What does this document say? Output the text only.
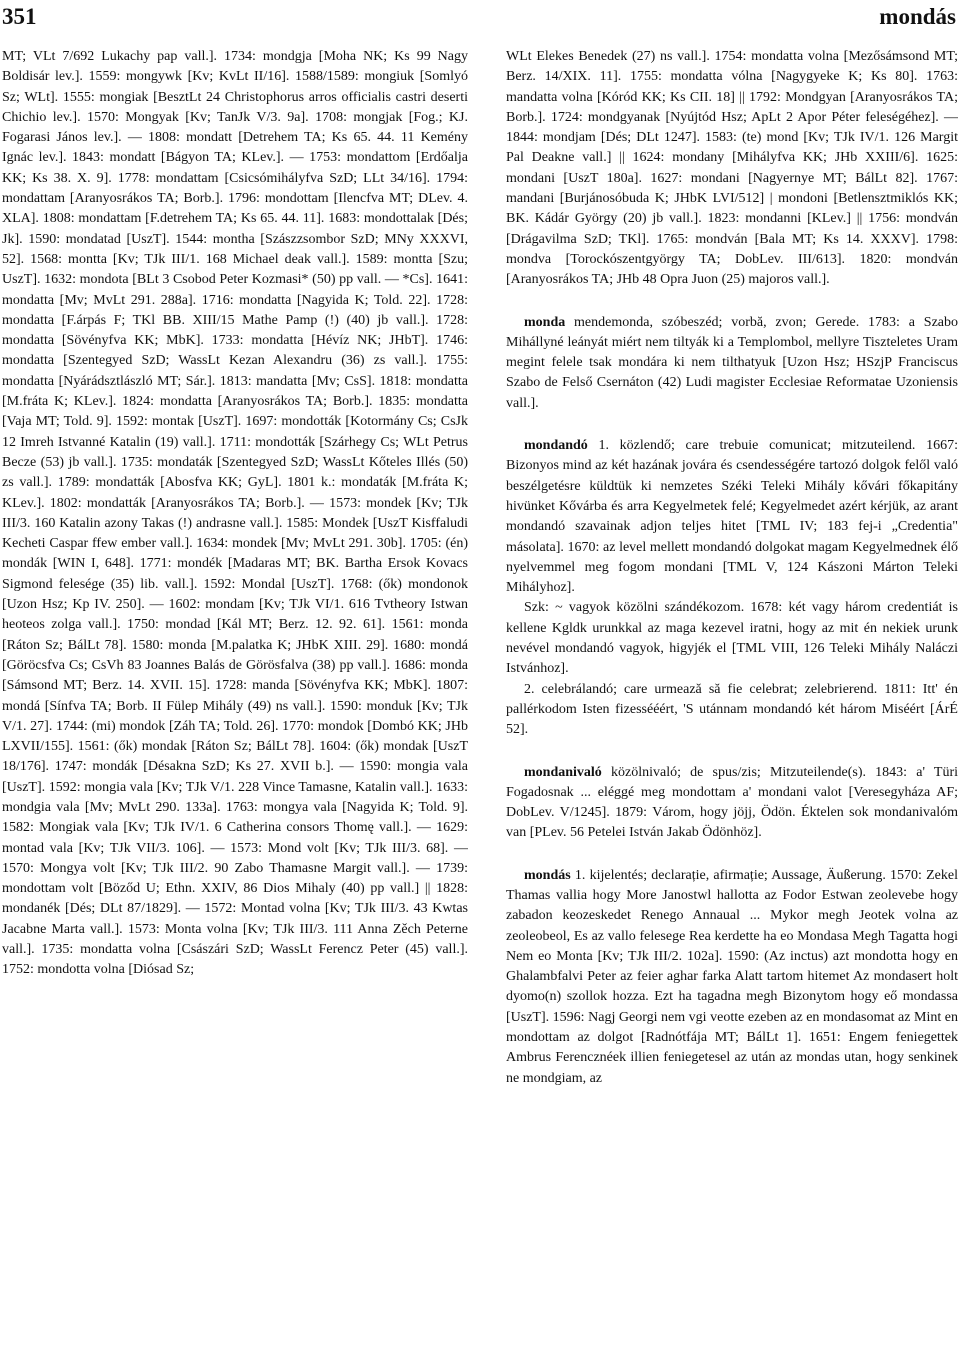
351	mondás

MT; VLt 7/692 Lukachy pap vall.]. 1734: mondgja [Moha NK; Ks 99 Nagy Boldisár lev.]. 1559: mongywk [Kv; KvLt II/16]. 1588/1589: mongiuk [Somlyó Sz; WLt]. 1555: mongiak [BesztLt 24 Christophorus arros officialis castri deserti Chichio lev.]. 1570: Mongyak [Kv; TanJk V/3. 9a]. 1708: mongjak [Fog.; KJ. Fogarasi János lev.]. — 1808: mondatt [Detrehem TA; Ks 65. 44. 11 Kemény Ignác lev.]. 1843: mondatt [Bágyon TA; KLev.]. — 1753: mondattom [Erdőalja KK; Ks 38. X. 9]. 1778: mondattam [Csicsómihályfva SzD; LLt 34/16]. 1794: mondattam [Aranyosrákos TA; Borb.]. 1796: mondottam [Ilencfva MT; DLev. 4. XLA]. 1808: mondattam [F.detrehem TA; Ks 65. 44. 11]. 1683: mondottalak [Dés; Jk]. 1590: mondatad [UszT]. 1544: montha [Szászzsombor SzD; MNy XXXVI, 52]. 1568: montta [Kv; TJk III/1. 168 Michael deak vall.]. 1589: montta [Szu; UszT]. 1632: mondota [BLt 3 Csobod Peter Kozmasi* (50) pp vall. — *Cs]. 1641: mondatta [Mv; MvLt 291. 288a]. 1716: mondatta [Nagyida K; Told. 22]. 1728: mondatta [F.árpás F; TKl BB. XIII/15 Mathe Pamp (!) (40) jb vall.]. 1728: mondatta [Sövényfva KK; MbK]. 1733: mondatta [Hévíz NK; JHbT]. 1746: mondatta [Szentegyed SzD; WassLt Kezan Alexandru (36) zs vall.]. 1755: mondatta [Nyárádsztlászló MT; Sár.]. 1813: mandatta [Mv; CsS]. 1818: mondatta [M.fráta K; KLev.]. 1824: mondatta [Aranyosrákos TA; Borb.]. 1835: mondatta [Vaja MT; Told. 9]. 1592: montak [UszT]. 1697: mondották [Kotormány Cs; CsJk 12 Imreh Istvanné Katalin (19) vall.]. 1711: mondották [Szárhegy Cs; WLt Petrus Becze (53) jb vall.]. 1735: mondaták [Szentegyed SzD; WassLt Kőteles Illés (50) zs vall.]. 1789: mondatták [Abosfva KK; GyL]. 1801 k.: mondaták [M.fráta K; KLev.]. 1802: mondatták [Aranyosrákos TA; Borb.]. — 1573: mondek [Kv; TJk III/3. 160 Katalin azony Takas (!) andrasne vall.]. 1585: Mondek [UszT Kisffaludi Kecheti Caspar ffew ember vall.]. 1634: mondek [Mv; MvLt 291. 30b]. 1705: (én) mondák [WIN I, 648]. 1771: mondék [Madaras MT; BK. Bartha Ersok Kovacs Sigmond felesége (35) lib. vall.]. 1592: Mondal [UszT]. 1768: (ők) mondonok [Uzon Hsz; Kp IV. 250]. — 1602: mondam [Kv; TJk VI/1. 616 Tvtheory Istwan heoteos zolga vall.]. 1750: mondad [Kál MT; Berz. 12. 92. 61]. 1561: monda [Ráton Sz; BálLt 78]. 1580: monda [M.palatka K; JHbK XIII. 29]. 1680: mondá [Göröcsfva Cs; CsVh 83 Joannes Balás de Görösfalva (38) pp vall.]. 1686: monda [Sámsond MT; Berz. 14. XVII. 15]. 1728: manda [Sövényfva KK; MbK]. 1807: mondá [Sínfva TA; Borb. II Fülep Mihály (49) ns vall.]. 1590: monduk [Kv; TJk V/1. 27]. 1744: (mi) mondok [Záh TA; Told. 26]. 1770: mondok [Dombó KK; JHb LXVII/155]. 1561: (ők) mondak [Ráton Sz; BálLt 78]. 1604: (ők) mondak [UszT 18/176]. 1747: mondák [Désakna SzD; Ks 27. XVII b.]. — 1590: mongia vala [UszT]. 1592: mongia vala [Kv; TJk V/1. 228 Vince Tamasne, Katalin vall.]. 1633: mondgia vala [Mv; MvLt 290. 133a]. 1763: mongya vala [Nagyida K; Told. 9]. 1582: Mongiak vala [Kv; TJk IV/1. 6 Catherina consors Thomę vall.]. — 1629: montad vala [Kv; TJk VII/3. 106]. — 1573: Mond volt [Kv; TJk III/3. 68]. — 1570: Mongya volt [Kv; TJk III/2. 90 Zabo Thamasne Margit vall.]. — 1739: mondottam volt [Böződ U; Ethn. XXIV, 86 Dios Mihaly (40) pp vall.] || 1828: mondanék [Dés; DLt 87/1829]. — 1572: Montad volna [Kv; TJk III/3. 43 Kwtas Jacabne Marta vall.]. 1573: Monta volna [Kv; TJk III/3. 111 Anna Zěch Peterne vall.]. 1735: mondatta volna [Császári SzD; WassLt Ferencz Peter (45) vall.]. 1752: mondotta volna [Diósad Sz;

WLt Elekes Benedek (27) ns vall.]. 1754: mondatta volna [Mezősámsond MT; Berz. 14/XIX. 11]. 1755: mondatta vólna [Nagygyeke K; Ks 80]. 1763: mandatta volna [Kóród KK; Ks CII. 18] || 1792: Mondgyan [Aranyosrákos TA; Borb.]. 1724: mondgyanak [Nyújtód Hsz; ApLt 2 Apor Péter feleségéhez]. — 1844: mondjam [Dés; DLt 1247]. 1583: (te) mond [Kv; TJk IV/1. 126 Margit Pal Deakne vall.] || 1624: mondany [Mihályfva KK; JHb XXIII/6]. 1625: mondani [UszT 180a]. 1627: mondani [Nagyernye MT; BálLt 82]. 1767: mandani [Burjánosóbuda K; JHbK LVI/512] | mondoni [Betlensztmiklós KK; BK. Kádár György (20) jb vall.]. 1823: mondanni [KLev.] || 1756: mondván [Drágavilma SzD; TKl]. 1765: mondván [Bala MT; Ks 14. XXXV]. 1798: mondva [Torockószentgyörgy TA; DobLev. III/613]. 1820: mondván [Aranyosrákos TA; JHb 48 Opra Juon (25) majoros vall.].

monda mendemonda, szóbeszéd; vorbă, zvon; Gerede. 1783: a Szabo Mihállyné leányát miért nem tiltyák ki a Templombol, mellyre Tiszteletes Uram megint felele tsak mondára ki nem tilthatyuk [Uzon Hsz; HSzjP Franciscus Szabo de Felső Csernáton (42) Ludi magister Ecclesiae Reformatae Uzoniensis vall.].

mondandó 1. közlendő; care trebuie comunicat; mitzuteilend. 1667: Bizonyos mind az két hazának jovára és csendességére tartozó dolgok felől való beszélgetésre küldtük ki nemzetes Széki Teleki Mihály kővári főkapitány hivünket Kővárba és arra Kegyelmetek felé; Kegyelmedet azért kérjük, az arant mondandó szavainak adjon teljes hitet [TML IV; 183 fej-i „Credentia" másolata]. 1670: az level mellett mondandó dolgokat magam Kegyelmednek élő nyelvemmel meg fogom mondani [TML V, 124 Kászoni Márton Teleki Mihályhoz].

Szk: ~ vagyok közölni szándékozom. 1678: két vagy három credentiát is kellene Kgldk urunkkal az maga kezevel iratni, hogy az mit én nekiek urunk nevével mondandó vagyok, higyjék el [TML VIII, 126 Teleki Mihály Naláczi Istvánhoz].

2. celebrálandó; care urmează să fie celebrat; zelebrierend. 1811: Itt' én pallérkodom Isten fizessééért, 'S utánnam mondandó két három Miséért [ÁrÉ 52].

mondanivaló közölnivaló; de spus/zis; Mitzuteilende(s). 1843: a' Türi Fogadosnak ... eléggé meg mondottam a' mondani valot [Veresegyháza AF; DobLev. V/1245]. 1879: Várom, hogy jöjj, Ödön. Éktelen sok mondanivalóm van [PLev. 56 Petelei István Jakab Ödönhöz].

mondás 1. kijelentés; declarație, afirmație; Aussage, Äußerung. 1570: Zekel Thamas vallia hogy More Janostwl hallotta az Fodor Estwan zeolevebe hogy zabadon keozeskedet Renego Annaual ... Mykor megh Jeotek volna az zeoleobeol, Es az vallo felesege Rea kerdette ha eo Mondasa Megh Tagatta hogi Nem eo Monta [Kv; TJk III/2. 102a]. 1590: (Az inctus) azt mondotta hogy en Ghalambfalvi Peter az feier aghar farka Alatt tartom hitemet Az mondasert holt dyomo(n) szollok hozza. Ezt ha tagadna megh Bizonytom hogy eő mondassa [UszT]. 1596: Nagj Georgi nem vgi veotte ezeben az en mondasomat az Mint en mondottam az dolgot [Radnótfája MT; BálLt 1]. 1651: Engem feniegettek Ambrus Ferencznéek illien feniegetesel az után az mondas utan, hogy senkinek ne mondgiam, az
